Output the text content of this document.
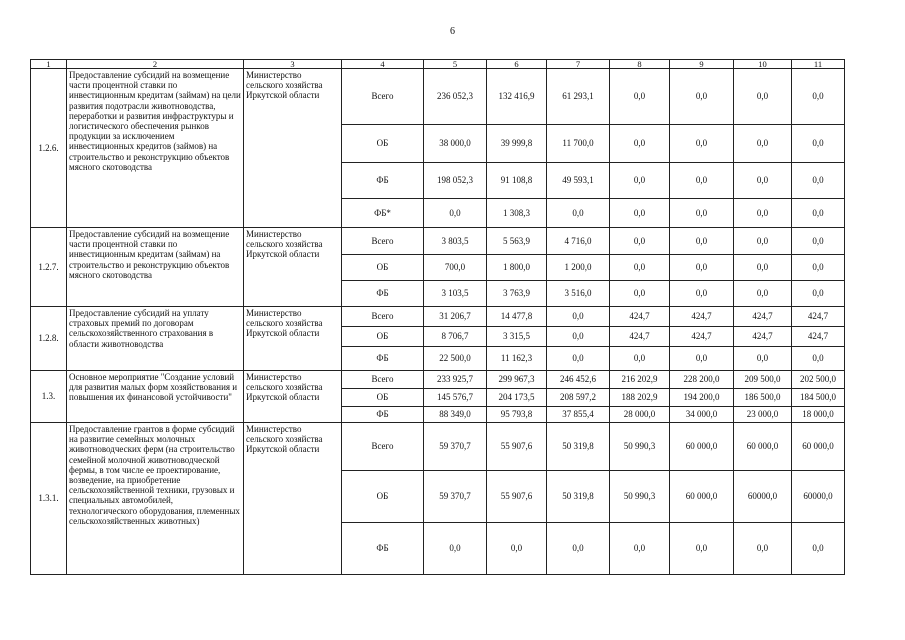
6
1	2	3	4	5	6	7	8	9	10	11
1.2.6.	Предоставление субсидий на возмещение части процентной ставки по инвестиционным кредитам (займам) на цели развития подотрасли животноводства, переработки и развития инфраструктуры и логистического обеспечения рынков продукции за исключением инвестиционных кредитов (займов) на строительство и реконструкцию объектов мясного скотоводства	Министерство сельского хозяйства Иркутской области	Всего	236 052,3	132 416,9	61 293,1	0,0	0,0	0,0	0,0
			ОБ	38 000,0	39 999,8	11 700,0	0,0	0,0	0,0	0,0
			ФБ	198 052,3	91 108,8	49 593,1	0,0	0,0	0,0	0,0
			ФБ*	0,0	1 308,3	0,0	0,0	0,0	0,0	0,0
1.2.7.	Предоставление субсидий на возмещение части процентной ставки по инвестиционным кредитам (займам) на строительство и реконструкцию объектов мясного скотоводства	Министерство сельского хозяйства Иркутской области	Всего	3 803,5	5 563,9	4 716,0	0,0	0,0	0,0	0,0
			ОБ	700,0	1 800,0	1 200,0	0,0	0,0	0,0	0,0
			ФБ	3 103,5	3 763,9	3 516,0	0,0	0,0	0,0	0,0
1.2.8.	Предоставление субсидий на уплату страховых премий по договорам сельскохозяйственного страхования в области животноводства	Министерство сельского хозяйства Иркутской области	Всего	31 206,7	14 477,8	0,0	424,7	424,7	424,7	424,7
			ОБ	8 706,7	3 315,5	0,0	424,7	424,7	424,7	424,7
			ФБ	22 500,0	11 162,3	0,0	0,0	0,0	0,0	0,0
1.3.	Основное мероприятие "Создание условий для развития малых форм хозяйствования и повышения их финансовой устойчивости"	Министерство сельского хозяйства Иркутской области	Всего	233 925,7	299 967,3	246 452,6	216 202,9	228 200,0	209 500,0	202 500,0
			ОБ	145 576,7	204 173,5	208 597,2	188 202,9	194 200,0	186 500,0	184 500,0
			ФБ	88 349,0	95 793,8	37 855,4	28 000,0	34 000,0	23 000,0	18 000,0
1.3.1.	Предоставление грантов в форме субсидий на развитие семейных молочных животноводческих ферм (на строительство семейной молочной животноводческой фермы, в том числе ее проектирование, возведение, на приобретение сельскохозяйственной техники, грузовых и специальных автомобилей, технологического оборудования, племенных сельскохозяйственных животных)	Министерство сельского хозяйства Иркутской области	Всего	59 370,7	55 907,6	50 319,8	50 990,3	60 000,0	60 000,0	60 000,0
			ОБ	59 370,7	55 907,6	50 319,8	50 990,3	60 000,0	60000,0	60000,0
			ФБ	0,0	0,0	0,0	0,0	0,0	0,0	0,0
